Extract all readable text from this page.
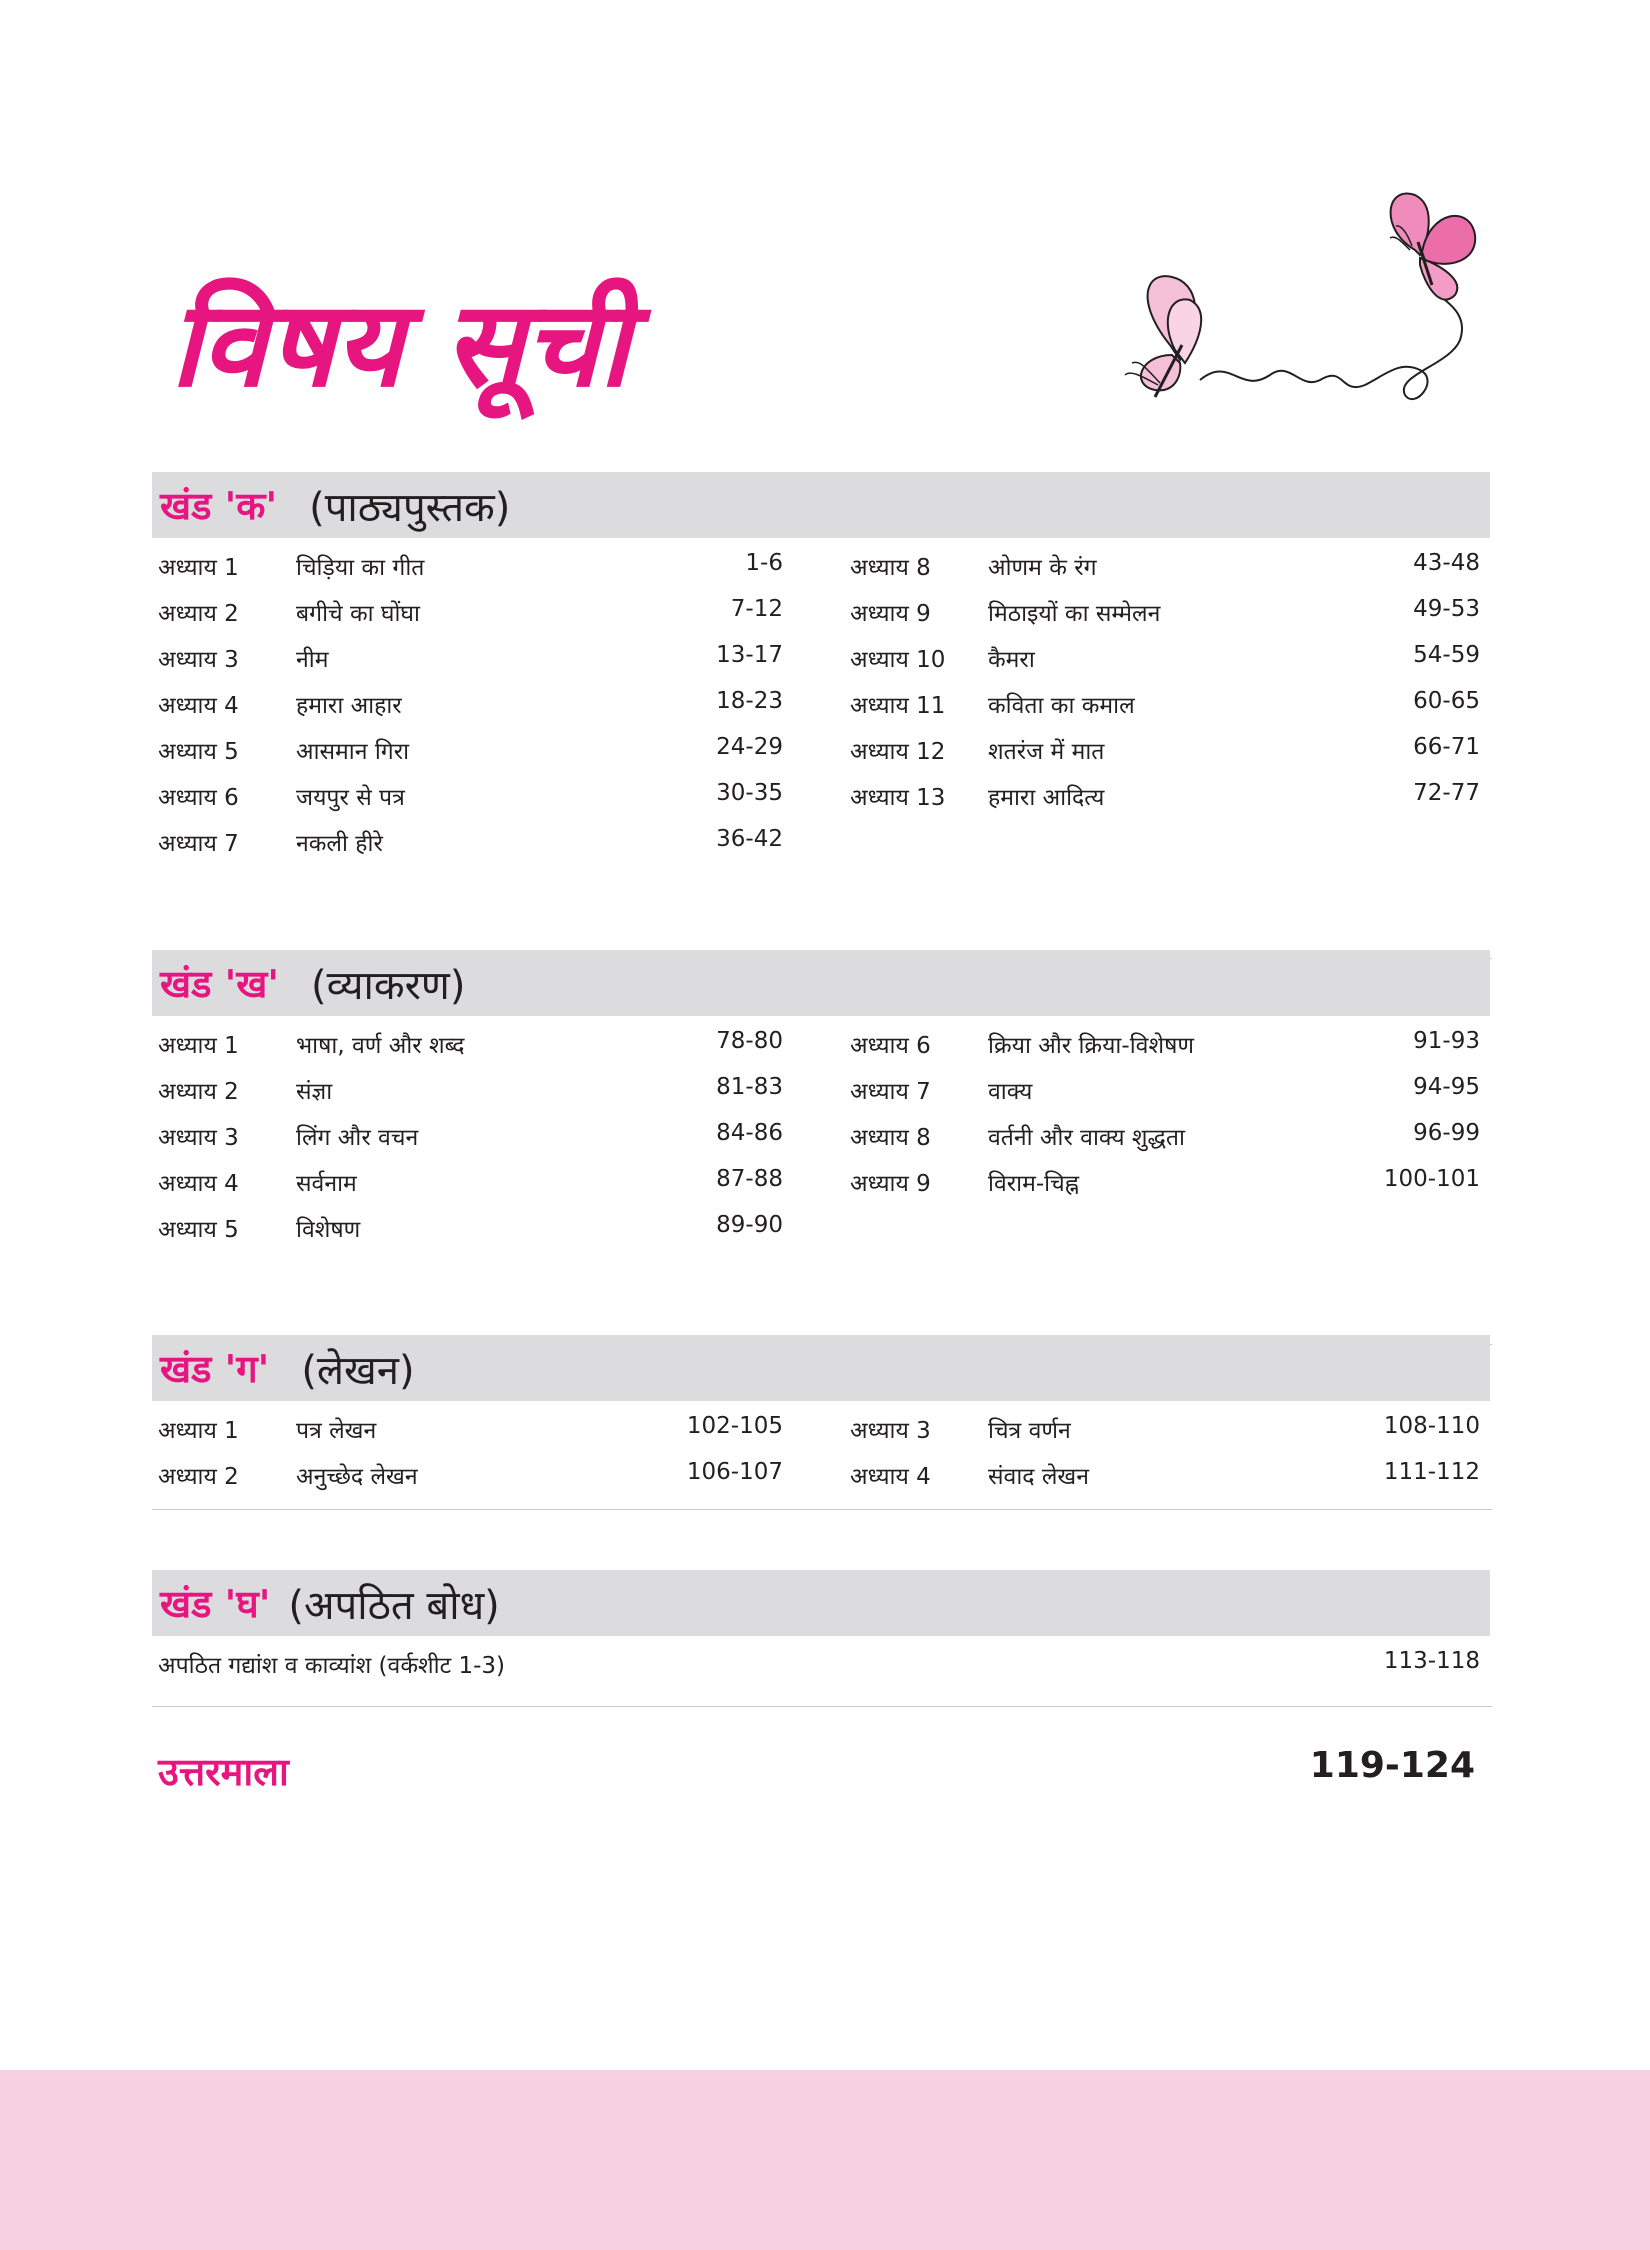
विषय सूची
खंड 'क' (पाठ्यपुस्तक)
अध्याय 1 चिड़िया का गीत	1-6
अध्याय 2 बगीचे का घोंघा	7-12
अध्याय 3 नीम	13-17
अध्याय 4 हमारा आहार	18-23
अध्याय 5 आसमान गिरा	24-29
अध्याय 6 जयपुर से पत्र	30-35
अध्याय 7 नकली हीरे	36-42
अध्याय 8 ओणम के रंग	43-48
अध्याय 9 मिठाइयों का सम्मेलन	49-53
अध्याय 10 कैमरा	54-59
अध्याय 11 कविता का कमाल	60-65
अध्याय 12 शतरंज में मात	66-71
अध्याय 13 हमारा आदित्य	72-77
खंड 'ख' (व्याकरण)
अध्याय 1 भाषा, वर्ण और शब्द	78-80
अध्याय 2 संज्ञा	81-83
अध्याय 3 लिंग और वचन	84-86
अध्याय 4 सर्वनाम	87-88
अध्याय 5 विशेषण	89-90
अध्याय 6 क्रिया और क्रिया-विशेषण	91-93
अध्याय 7 वाक्य	94-95
अध्याय 8 वर्तनी और वाक्य शुद्धता	96-99
अध्याय 9 विराम-चिह्न	100-101
खंड 'ग' (लेखन)
अध्याय 1 पत्र लेखन	102-105
अध्याय 2 अनुच्छेद लेखन	106-107
अध्याय 3 चित्र वर्णन	108-110
अध्याय 4 संवाद लेखन	111-112
खंड 'घ' (अपठित बोध)
अपठित गद्यांश व काव्यांश (वर्कशीट 1-3)	113-118
उत्तरमाला	119-124
